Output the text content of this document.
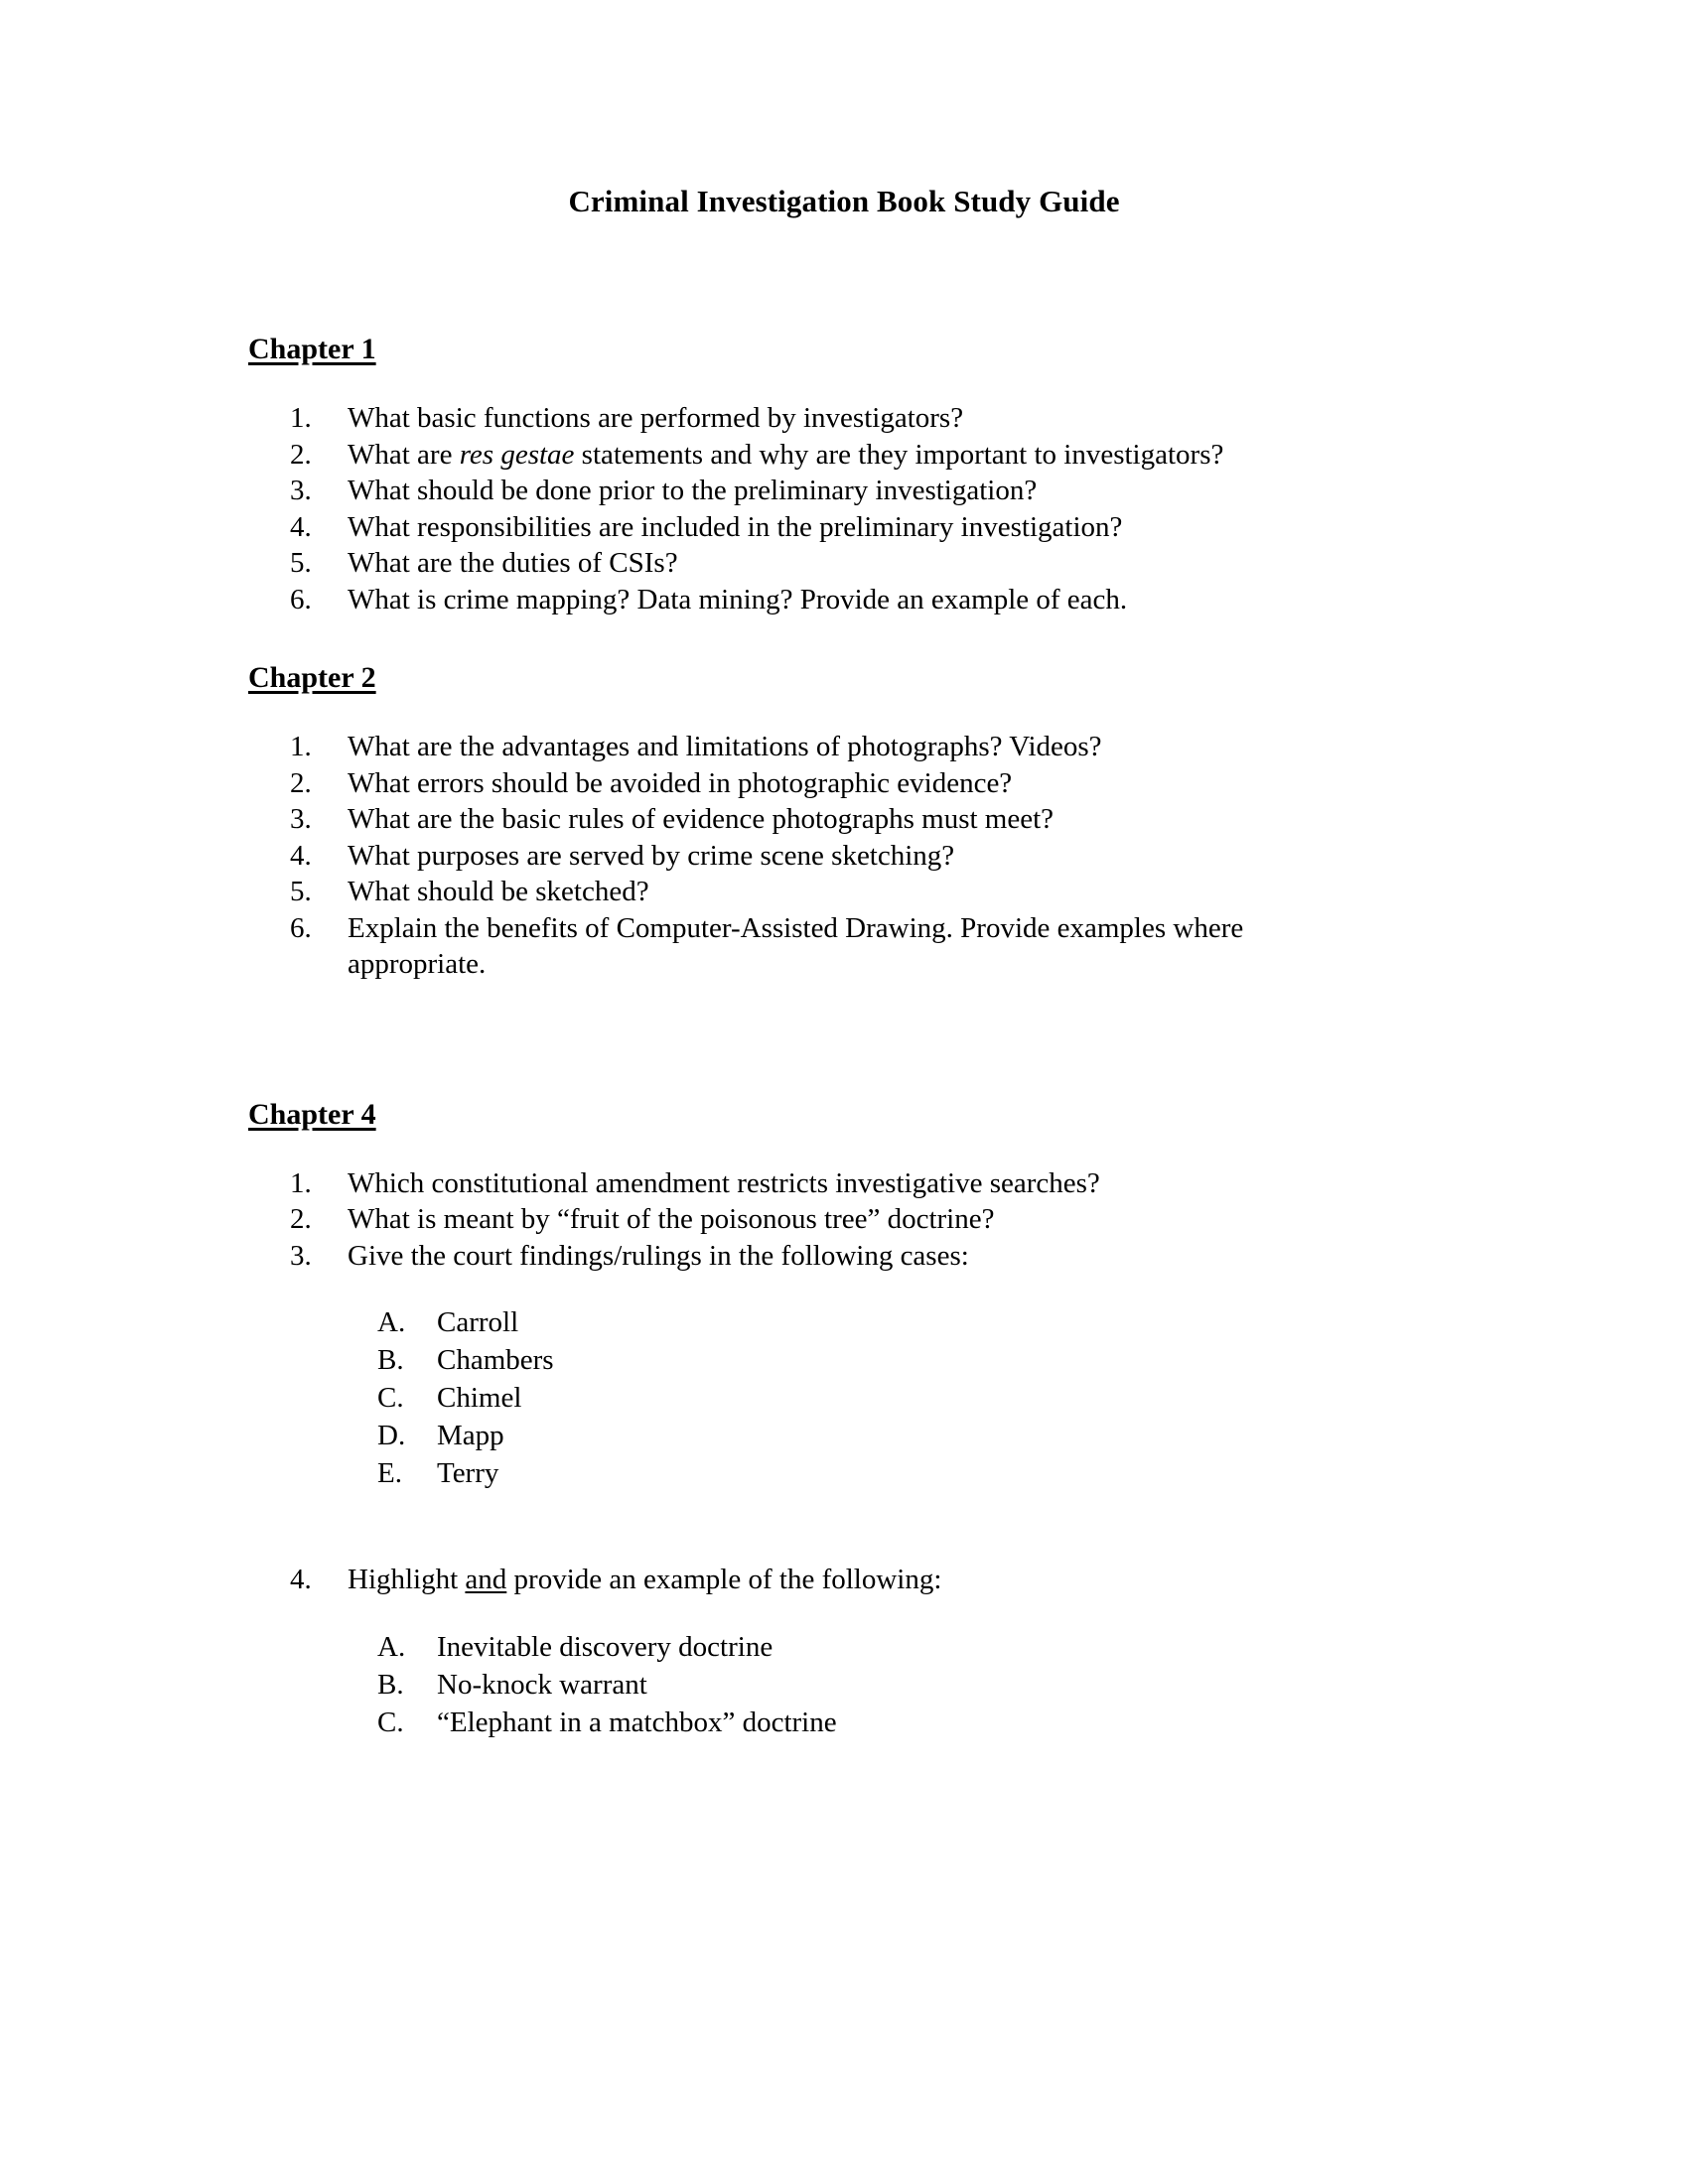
Criminal Investigation Book Study Guide
Chapter 1
1.	What basic functions are performed by investigators?
2.	What are res gestae statements and why are they important to investigators?
3.	What should be done prior to the preliminary investigation?
4.	What responsibilities are included in the preliminary investigation?
5.	What are the duties of CSIs?
6.	What is crime mapping? Data mining? Provide an example of each.
Chapter 2
1.	What are the advantages and limitations of photographs? Videos?
2.	What errors should be avoided in photographic evidence?
3.	What are the basic rules of evidence photographs must meet?
4.	What purposes are served by crime scene sketching?
5.	What should be sketched?
6.	Explain the benefits of Computer-Assisted Drawing. Provide examples where appropriate.
Chapter 4
1.	Which constitutional amendment restricts investigative searches?
2.	What is meant by “fruit of the poisonous tree” doctrine?
3.	Give the court findings/rulings in the following cases:
A.	Carroll
B.	Chambers
C.	Chimel
D.	Mapp
E.	Terry
4.	Highlight and provide an example of the following:
A.	Inevitable discovery doctrine
B.	No-knock warrant
C.	“Elephant in a matchbox” doctrine
